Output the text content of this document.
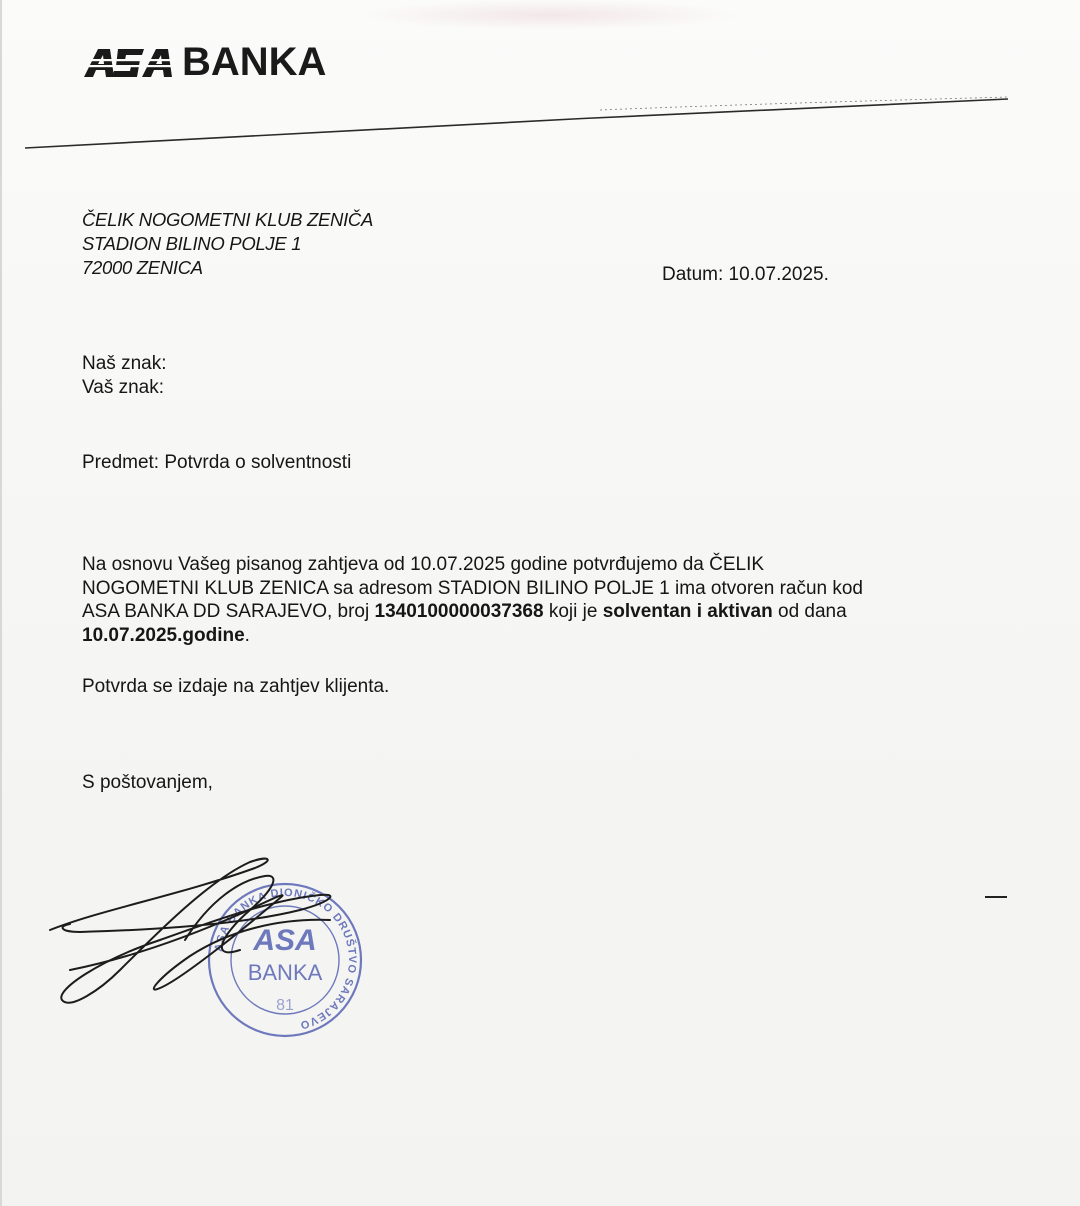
BANKA
ČELIK NOGOMETNI KLUB ZENIČA
STADION BILINO POLJE 1
72000 ZENICA	Datum: 10.07.2025.
Naš znak:
Vaš znak:
Predmet: Potvrda o solventnosti
Na osnovu Vašeg pisanog zahtjeva od 10.07.2025 godine potvrđujemo da ČELIK
NOGOMETNI KLUB ZENICA sa adresom STADION BILINO POLJE 1 ima otvoren račun kod
ASA BANKA DD SARAJEVO, broj 1340100000037368 koji je solventan i aktivan od dana
10.07.2025.godine.
Potvrda se izdaje na zahtjev klijenta.
S poštovanjem,
ASA BANKA DIONIČKO DRUŠTVO SARAJEVO
ASA
BANKA
81
